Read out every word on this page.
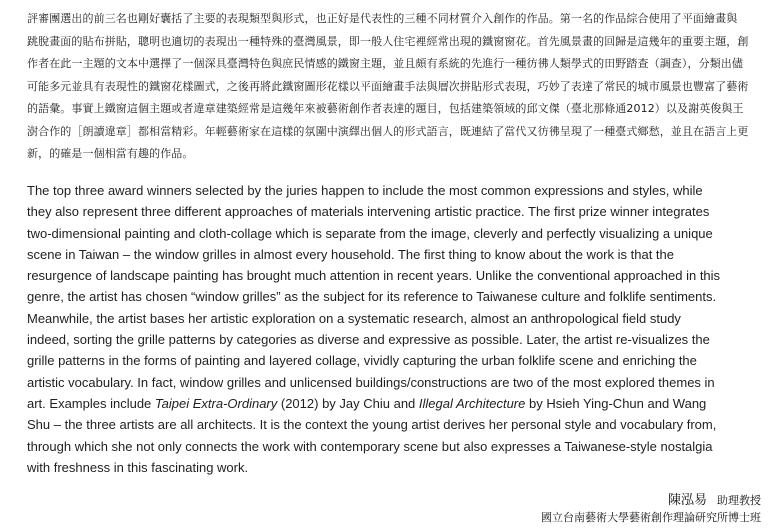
評審團選出的前三名也剛好囊括了主要的表現類型與形式，也正好是代表性的三種不同材質介入創作的作品。第一名的作品綜合使用了平面繪畫與
跳脫畫面的貼布拼貼，聰明也適切的表現出一種特殊的臺灣風景，即一般人住宅裡經常出現的鐵窗窗花。首先風景畫的回歸是這幾年的重要主題，創
作者在此一主題的文本中選擇了一個深具臺灣特色與庶民情感的鐵窗主題，並且頗有系統的先進行一種彷彿人類學式的田野踏查（調查），分類出儘
可能多元並具有表現性的鐵窗花樣圖式，之後再將此鐵窗圖形花樣以平面繪畫手法與層次拼貼形式表現，巧妙了表達了常民的城市風景也豐富了藝術
的語彙。事實上鐵窗這個主題或者違章建築經常是這幾年來被藝術創作者表達的題目，包括建築領域的邱文傑（臺北那條通2012）以及謝英俊與王
澍合作的［朗讀違章］都相當精彩。年輕藝術家在這樣的氛圍中演繹出個人的形式語言，既連結了當代又彷彿呈現了一種臺式鄉愁，並且在語言上更
新，的確是一個相當有趣的作品。
The top three award winners selected by the juries happen to include the most common expressions and styles, while
they also represent three different approaches of materials intervening artistic practice. The first prize winner integrates
two-dimensional painting and cloth-collage which is separate from the image, cleverly and perfectly visualizing a unique
scene in Taiwan – the window grilles in almost every household. The first thing to know about the work is that the
resurgence of landscape painting has brought much attention in recent years. Unlike the conventional approached in this
genre, the artist has chosen “window grilles” as the subject for its reference to Taiwanese culture and folklife sentiments.
Meanwhile, the artist bases her artistic exploration on a systematic research, almost an anthropological field study
indeed, sorting the grille patterns by categories as diverse and expressive as possible. Later, the artist re-visualizes the
grille patterns in the forms of painting and layered collage, vividly capturing the urban folklife scene and enriching the
artistic vocabulary. In fact, window grilles and unlicensed buildings/constructions are two of the most explored themes in
art. Examples include Taipei Extra-Ordinary (2012) by Jay Chiu and Illegal Architecture by Hsieh Ying-Chun and Wang
Shu – the three artists are all architects. It is the context the young artist derives her personal style and vocabulary from,
through which she not only connects the work with contemporary scene but also expresses a Taiwanese-style nostalgia
with freshness in this fascinating work.
陳泓易 助理教授
國立台南藝術大學藝術創作理論研究所博士班
